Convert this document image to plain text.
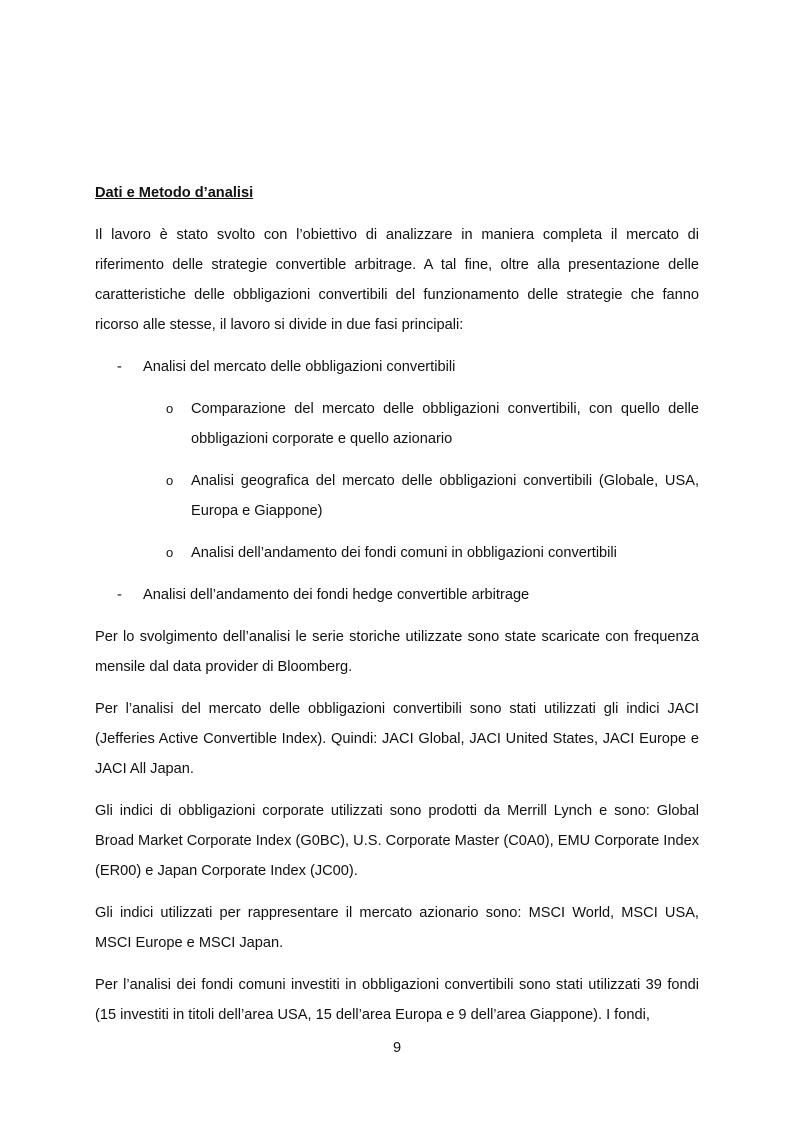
Dati e Metodo d’analisi

Il lavoro è stato svolto con l’obiettivo di analizzare in maniera completa il mercato di riferimento delle strategie convertible arbitrage. A tal fine, oltre alla presentazione delle caratteristiche delle obbligazioni convertibili del funzionamento delle strategie che fanno ricorso alle stesse, il lavoro si divide in due fasi principali:

- Analisi del mercato delle obbligazioni convertibili
o Comparazione del mercato delle obbligazioni convertibili, con quello delle obbligazioni corporate e quello azionario
o Analisi geografica del mercato delle obbligazioni convertibili (Globale, USA, Europa e Giappone)
o Analisi dell’andamento dei fondi comuni in obbligazioni convertibili
- Analisi dell’andamento dei fondi hedge convertible arbitrage

Per lo svolgimento dell’analisi le serie storiche utilizzate sono state scaricate con frequenza mensile dal data provider di Bloomberg.

Per l’analisi del mercato delle obbligazioni convertibili sono stati utilizzati gli indici JACI (Jefferies Active Convertible Index). Quindi: JACI Global, JACI United States, JACI Europe e JACI All Japan.

Gli indici di obbligazioni corporate utilizzati sono prodotti da Merrill Lynch e sono: Global Broad Market Corporate Index (G0BC), U.S. Corporate Master (C0A0), EMU Corporate Index (ER00) e Japan Corporate Index (JC00).

Gli indici utilizzati per rappresentare il mercato azionario sono: MSCI World, MSCI USA, MSCI Europe e MSCI Japan.

Per l’analisi dei fondi comuni investiti in obbligazioni convertibili sono stati utilizzati 39 fondi (15 investiti in titoli dell’area USA, 15 dell’area Europa e 9 dell’area Giappone). I fondi,

9
